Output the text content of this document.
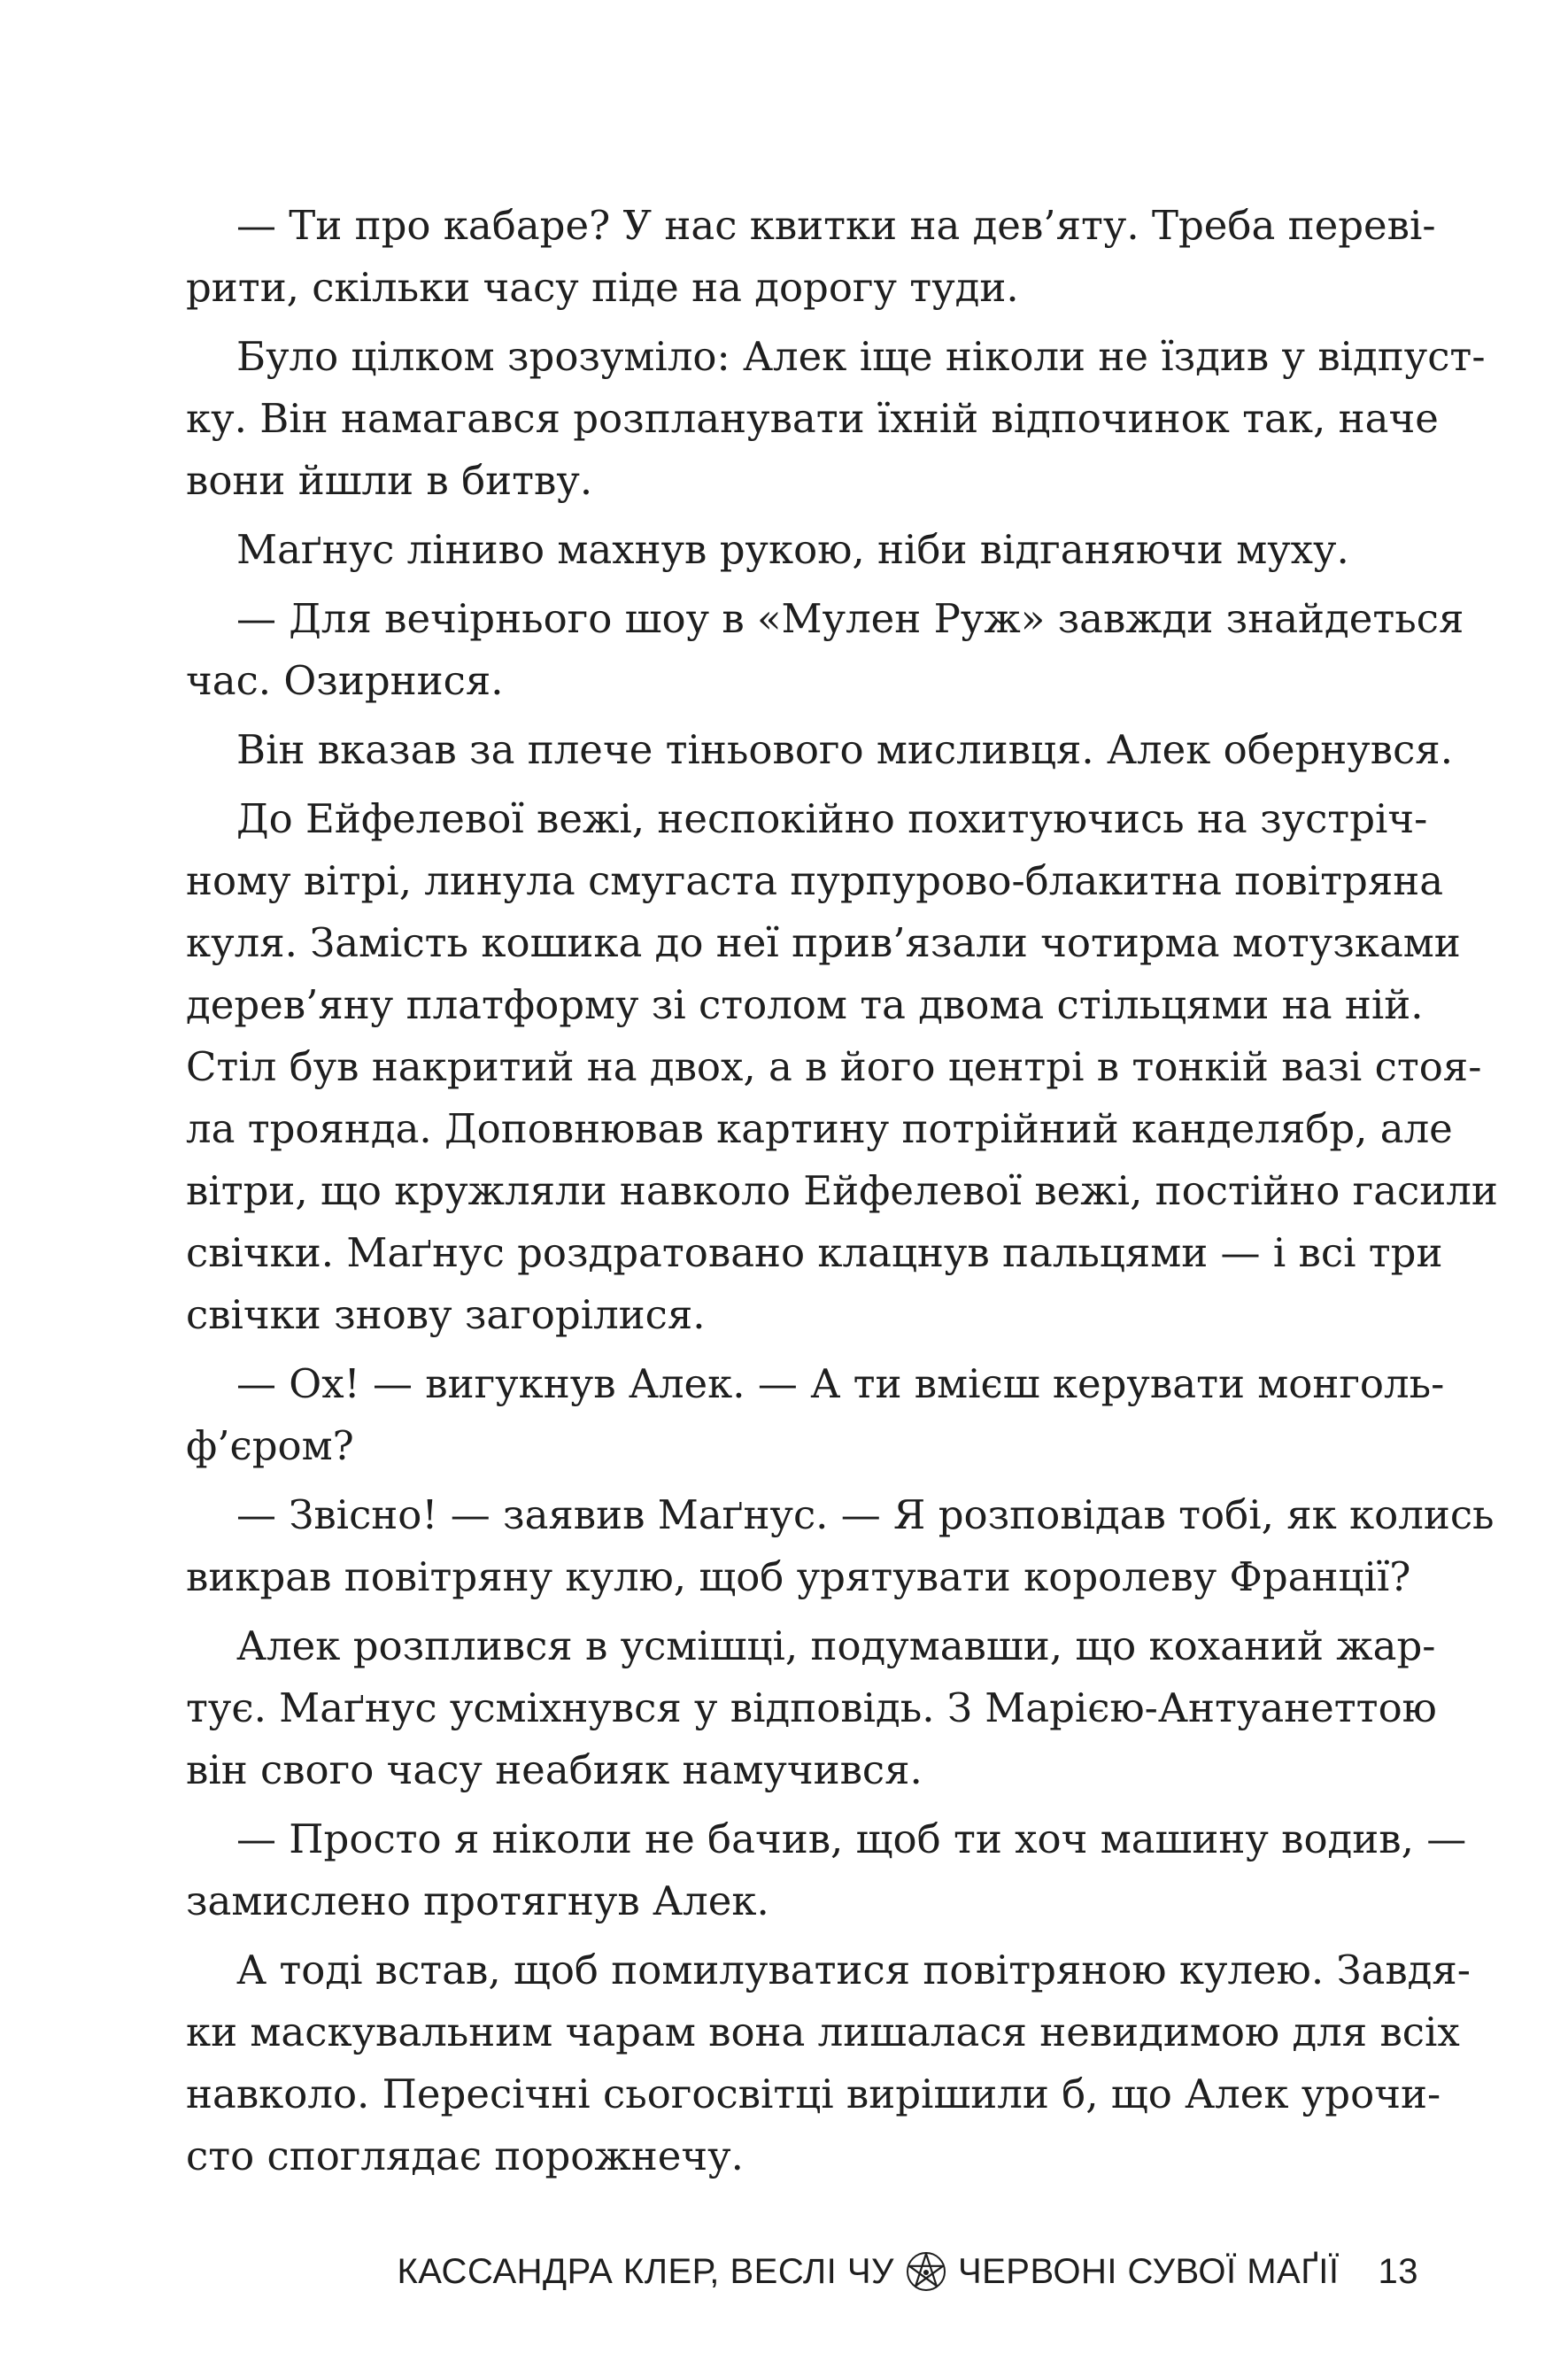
— Ти про кабаре? У нас квитки на дев’яту. Треба переві-
рити, скільки часу піде на дорогу туди.
Було цілком зрозуміло: Алек іще ніколи не їздив у відпуст-
ку. Він намагався розпланувати їхній відпочинок так, наче
вони йшли в битву.
Маґнус ліниво махнув рукою, ніби відганяючи муху.
— Для вечірнього шоу в «Мулен Руж» завжди знайдеться
час. Озирнися.
Він вказав за плече тіньового мисливця. Алек обернувся.
До Ейфелевої вежі, неспокійно похитуючись на зустріч-
ному вітрі, линула смугаста пурпурово-блакитна повітряна
куля. Замість кошика до неї прив’язали чотирма мотузками
дерев’яну платформу зі столом та двома стільцями на ній.
Стіл був накритий на двох, а в його центрі в тонкій вазі стоя-
ла троянда. Доповнював картину потрійний канделябр, але
вітри, що кружляли навколо Ейфелевої вежі, постійно гасили
свічки. Маґнус роздратовано клацнув пальцями — і всі три
свічки знову загорілися.
— Ох! — вигукнув Алек. — А ти вмієш керувати монголь-
ф’єром?
— Звісно! — заявив Маґнус. — Я розповідав тобі, як колись
викрав повітряну кулю, щоб урятувати королеву Франції?
Алек розплився в усмішці, подумавши, що коханий жар-
тує. Маґнус усміхнувся у відповідь. З Марією-Антуанеттою
він свого часу неабияк намучився.
— Просто я ніколи не бачив, щоб ти хоч машину водив, —
замислено протягнув Алек.
А тоді встав, щоб помилуватися повітряною кулею. Завдя-
ки маскувальним чарам вона лишалася невидимою для всіх
навколо. Пересічні сьогосвітці вирішили б, що Алек урочи-
сто споглядає порожнечу.
КАССАНДРА КЛЕР, ВЕСЛІ ЧУ ЧЕРВОНІ СУВОЇ МАҐІЇ 13
